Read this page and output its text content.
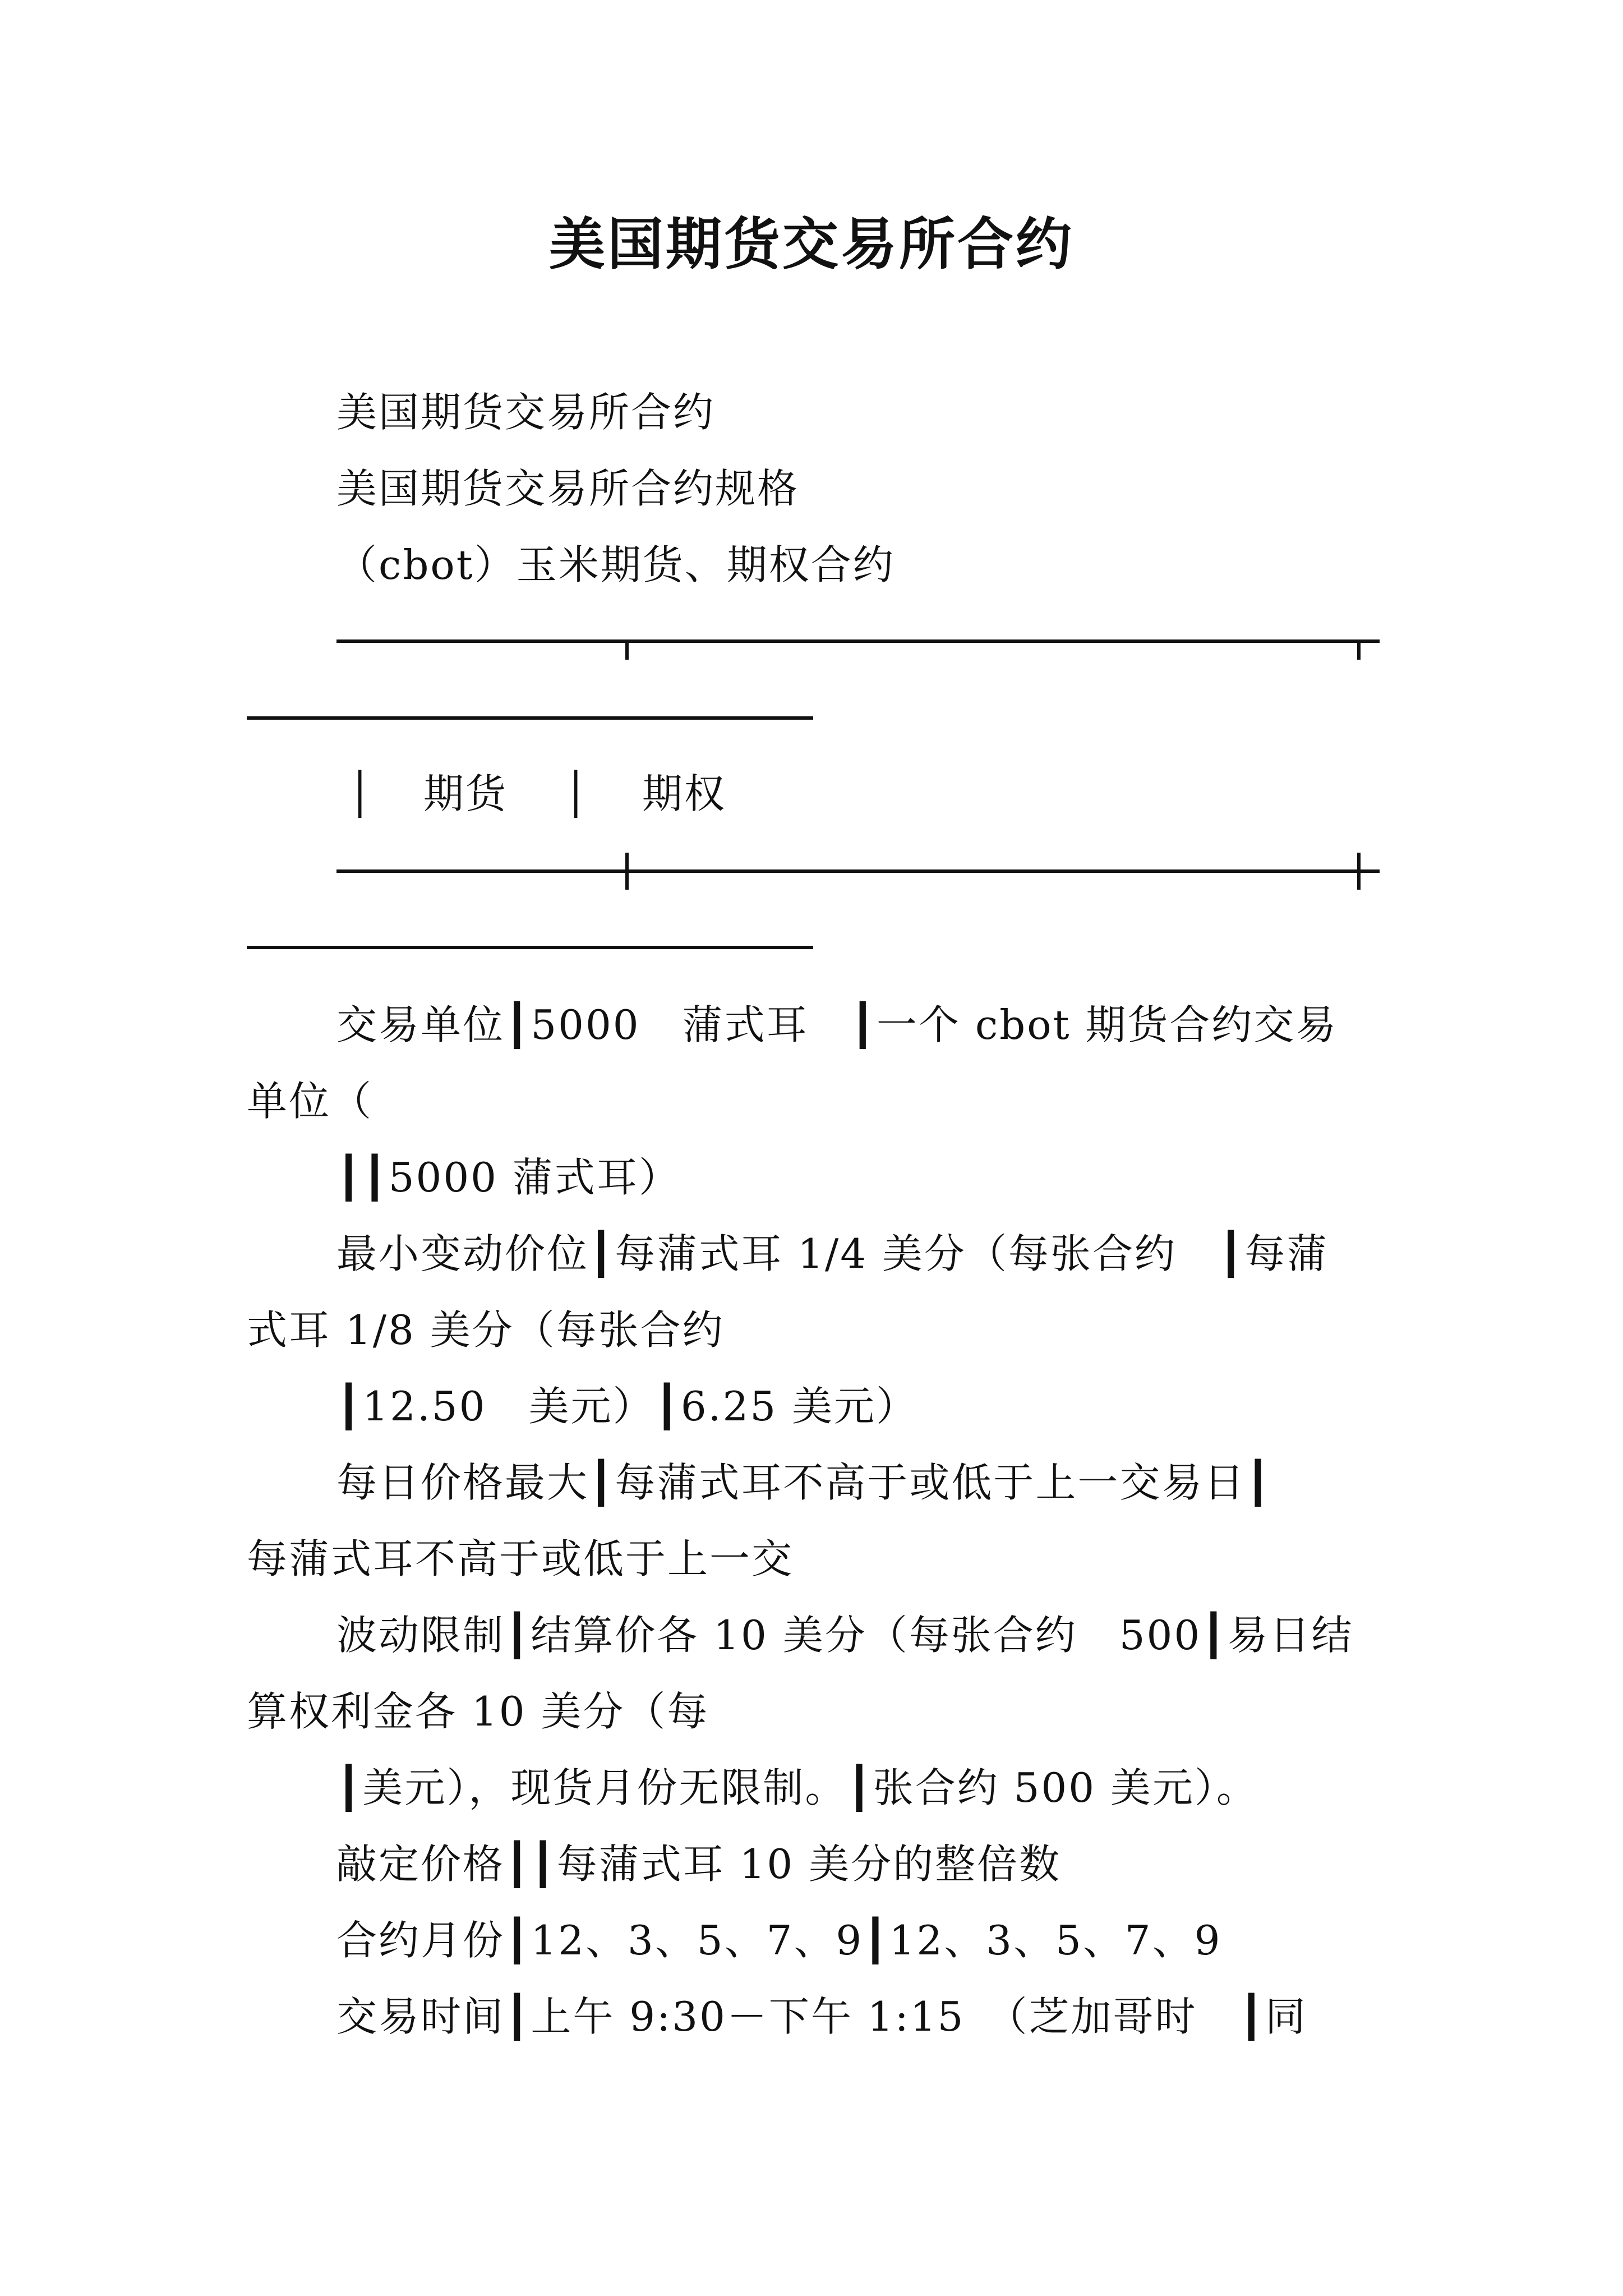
美国期货交易所合约
美国期货交易所合约
美国期货交易所合约规格
（cbot）玉米期货、期权合约
│ 期货 │ 期权
交易单位┃5000　蒲式耳　┃一个 cbot 期货合约交易
单位（
┃┃5000 蒲式耳）
最小变动价位┃每蒲式耳 1/4 美分（每张合约　┃每蒲
式耳 1/8 美分（每张合约
┃12.50　美元）┃6.25 美元）
每日价格最大┃每蒲式耳不高于或低于上一交易日┃
每蒲式耳不高于或低于上一交
波动限制┃结算价各 10 美分（每张合约　500┃易日结
算权利金各 10 美分（每
┃美元），现货月份无限制。┃张合约 500 美元）。
敲定价格┃┃每蒲式耳 10 美分的整倍数
合约月份┃12、3、5、7、9┃12、3、5、7、9
交易时间┃上午 9:30－下午 1:15　（芝加哥时　┃同
